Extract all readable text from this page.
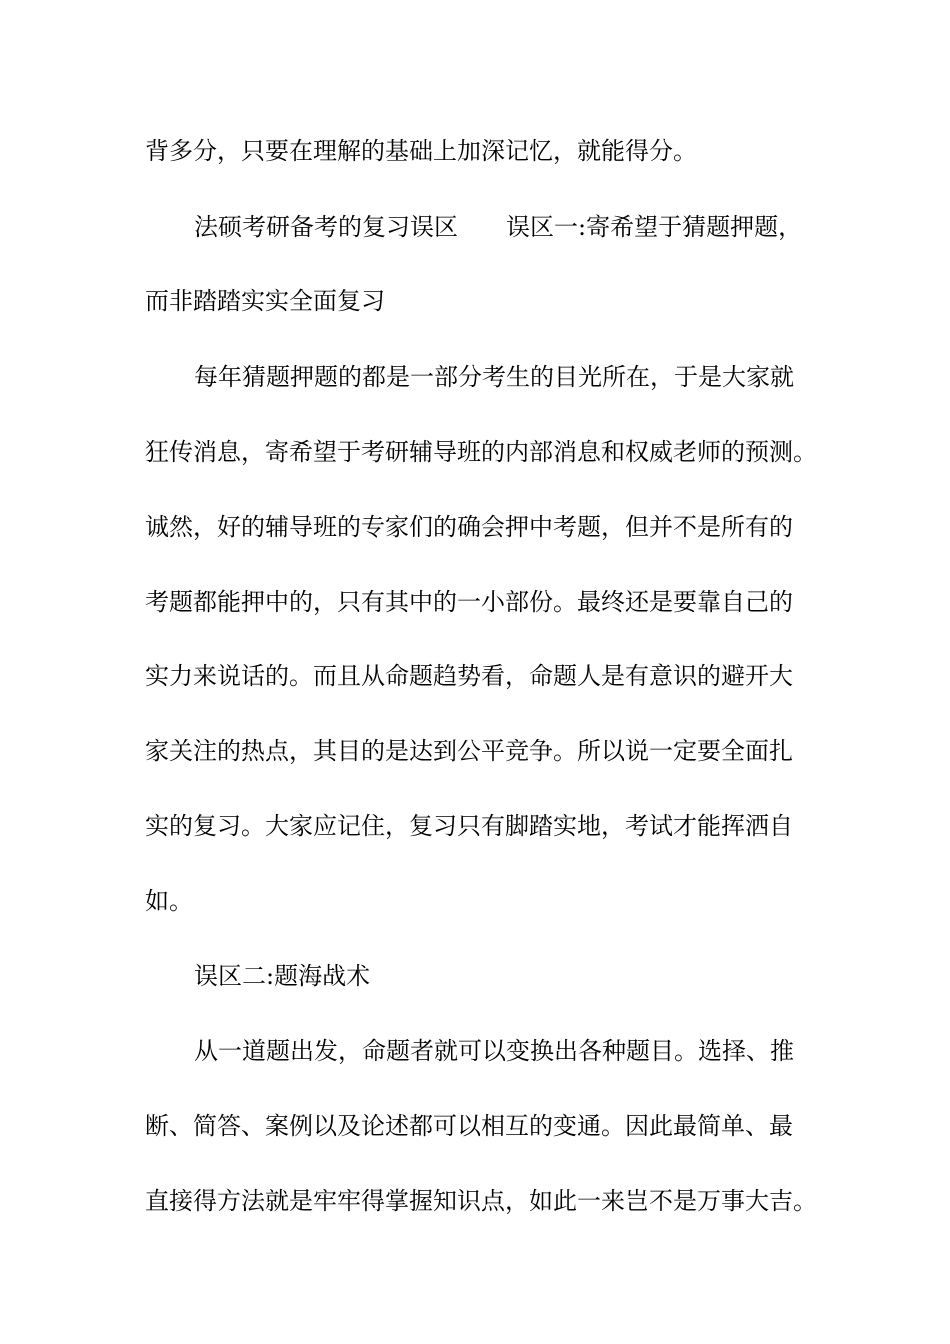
背多分，只要在理解的基础上加深记忆，就能得分。

法硕考研备考的复习误区 误区一:寄希望于猜题押题，

而非踏踏实实全面复习

每年猜题押题的都是一部分考生的目光所在，于是大家就

狂传消息，寄希望于考研辅导班的内部消息和权威老师的预测。

诚然，好的辅导班的专家们的确会押中考题，但并不是所有的

考题都能押中的，只有其中的一小部份。最终还是要靠自己的

实力来说话的。而且从命题趋势看，命题人是有意识的避开大

家关注的热点，其目的是达到公平竞争。所以说一定要全面扎

实的复习。大家应记住，复习只有脚踏实地，考试才能挥洒自

如。

误区二:题海战术

从一道题出发，命题者就可以变换出各种题目。选择、推

断、简答、案例以及论述都可以相互的变通。因此最简单、最

直接得方法就是牢牢得掌握知识点，如此一来岂不是万事大吉。
